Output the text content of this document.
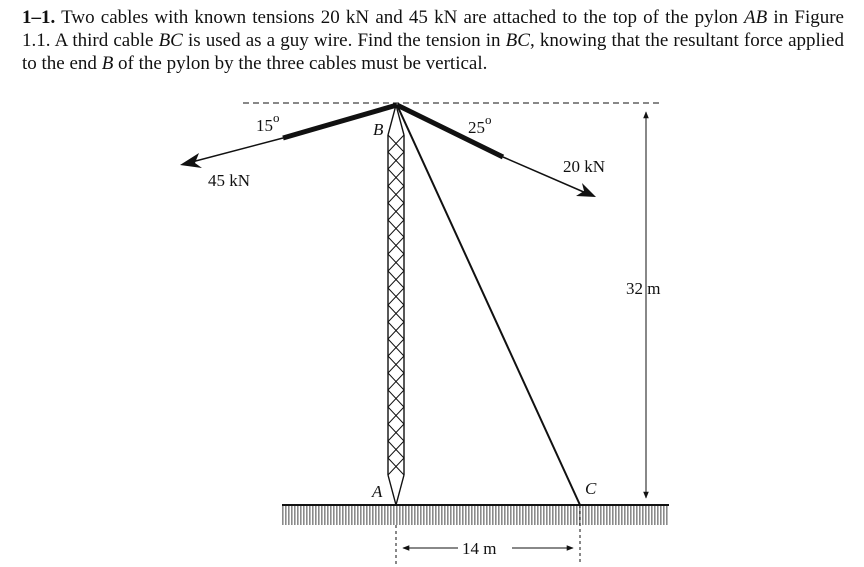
1–1. Two cables with known tensions 20 kN and 45 kN are attached to the top of the pylon AB in Figure 1.1. A third cable BC is used as a guy wire. Find the tension in BC, knowing that the resultant force applied to the end B of the pylon by the three cables must be vertical.
15$^o$
25$^o$
45 kN
20 kN
B
A	C
32 m
14 m
